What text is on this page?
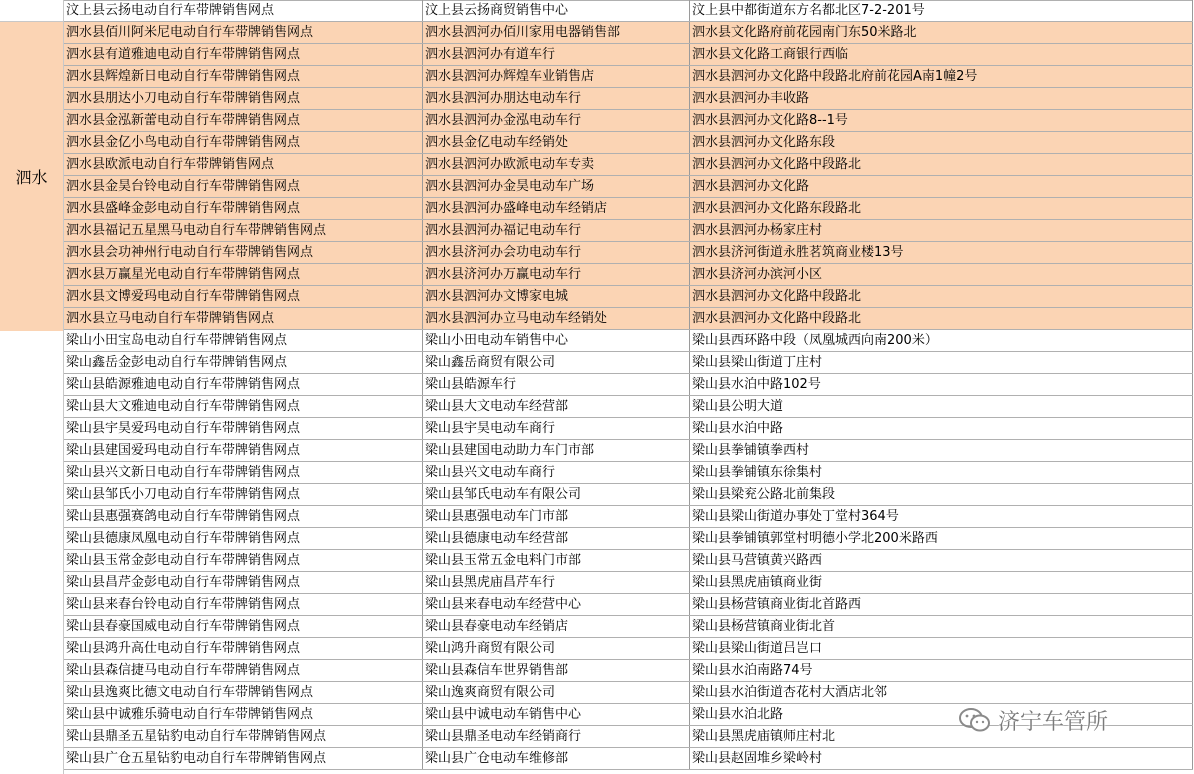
泗水
汶上县云扬电动自行车带牌销售网点	汶上县云扬商贸销售中心	汶上县中都街道东方名都北区7-2-201号
泗水县佰川阿米尼电动自行车带牌销售网点	泗水县泗河办佰川家用电器销售部	泗水县文化路府前花园南门东50米路北
泗水县有道雅迪电动自行车带牌销售网点	泗水县泗河办有道车行	泗水县文化路工商银行西临
泗水县辉煌新日电动自行车带牌销售网点	泗水县泗河办辉煌车业销售店	泗水县泗河办文化路中段路北府前花园A南1幢2号
泗水县朋达小刀电动自行车带牌销售网点	泗水县泗河办朋达电动车行	泗水县泗河办丰收路
泗水县金泓新蕾电动自行车带牌销售网点	泗水县泗河办金泓电动车行	泗水县泗河办文化路8--1号
泗水县金亿小鸟电动自行车带牌销售网点	泗水县金亿电动车经销处	泗水县泗河办文化路东段
泗水县欧派电动自行车带牌销售网点	泗水县泗河办欧派电动车专卖	泗水县泗河办文化路中段路北
泗水县金昊台铃电动自行车带牌销售网点	泗水县泗河办金昊电动车广场	泗水县泗河办文化路
泗水县盛峰金彭电动自行车带牌销售网点	泗水县泗河办盛峰电动车经销店	泗水县泗河办文化路东段路北
泗水县福记五星黑马电动自行车带牌销售网点	泗水县泗河办福记电动车行	泗水县泗河办杨家庄村
泗水县会功神州行电动自行车带牌销售网点	泗水县济河办会功电动车行	泗水县济河街道永胜茗筑商业楼13号
泗水县万赢星光电动自行车带牌销售网点	泗水县济河办万赢电动车行	泗水县济河办滨河小区
泗水县文博爱玛电动自行车带牌销售网点	泗水县泗河办文博家电城	泗水县泗河办文化路中段路北
泗水县立马电动自行车带牌销售网点	泗水县泗河办立马电动车经销处	泗水县泗河办文化路中段路北
梁山小田宝岛电动自行车带牌销售网点	梁山小田电动车销售中心	梁山县西环路中段（凤凰城西向南200米）
梁山鑫岳金彭电动自行车带牌销售网点	梁山鑫岳商贸有限公司	梁山县梁山街道丁庄村
梁山县皓源雅迪电动自行车带牌销售网点	梁山县皓源车行	梁山县水泊中路102号
梁山县大文雅迪电动自行车带牌销售网点	梁山县大文电动车经营部	梁山县公明大道
梁山县宇昊爱玛电动自行车带牌销售网点	梁山县宇昊电动车商行	梁山县水泊中路
梁山县建国爱玛电动自行车带牌销售网点	梁山县建国电动助力车门市部	梁山县拳铺镇拳西村
梁山县兴文新日电动自行车带牌销售网点	梁山县兴文电动车商行	梁山县拳铺镇东徐集村
梁山县邹氏小刀电动自行车带牌销售网点	梁山县邹氏电动车有限公司	梁山县梁兖公路北前集段
梁山县惠强赛鸽电动自行车带牌销售网点	梁山县惠强电动车门市部	梁山县梁山街道办事处丁堂村364号
梁山县德康凤凰电动自行车带牌销售网点	梁山县德康电动车经营部	梁山县拳铺镇郭堂村明德小学北200米路西
梁山县玉常金彭电动自行车带牌销售网点	梁山县玉常五金电料门市部	梁山县马营镇黄兴路西
梁山县昌芹金彭电动自行车带牌销售网点	梁山县黑虎庙昌芹车行	梁山县黑虎庙镇商业街
梁山县来春台铃电动自行车带牌销售网点	梁山县来春电动车经营中心	梁山县杨营镇商业街北首路西
梁山县春豪国威电动自行车带牌销售网点	梁山县春豪电动车经销店	梁山县杨营镇商业街北首
梁山县鸿升高仕电动自行车带牌销售网点	梁山鸿升商贸有限公司	梁山县梁山街道吕岂口
梁山县森信捷马电动自行车带牌销售网点	梁山县森信车世界销售部	梁山县水泊南路74号
梁山县逸爽比德文电动自行车带牌销售网点	梁山逸爽商贸有限公司	梁山县水泊街道杏花村大酒店北邻
梁山县中诚雅乐骑电动自行车带牌销售网点	梁山县中诚电动车销售中心	梁山县水泊北路
梁山县鼎圣五星钻豹电动自行车带牌销售网点	梁山县鼎圣电动车经销商行	梁山县黑虎庙镇师庄村北
梁山县广仓五星钻豹电动自行车带牌销售网点	梁山县广仓电动车维修部	梁山县赵固堆乡梁岭村
济宁车管所
